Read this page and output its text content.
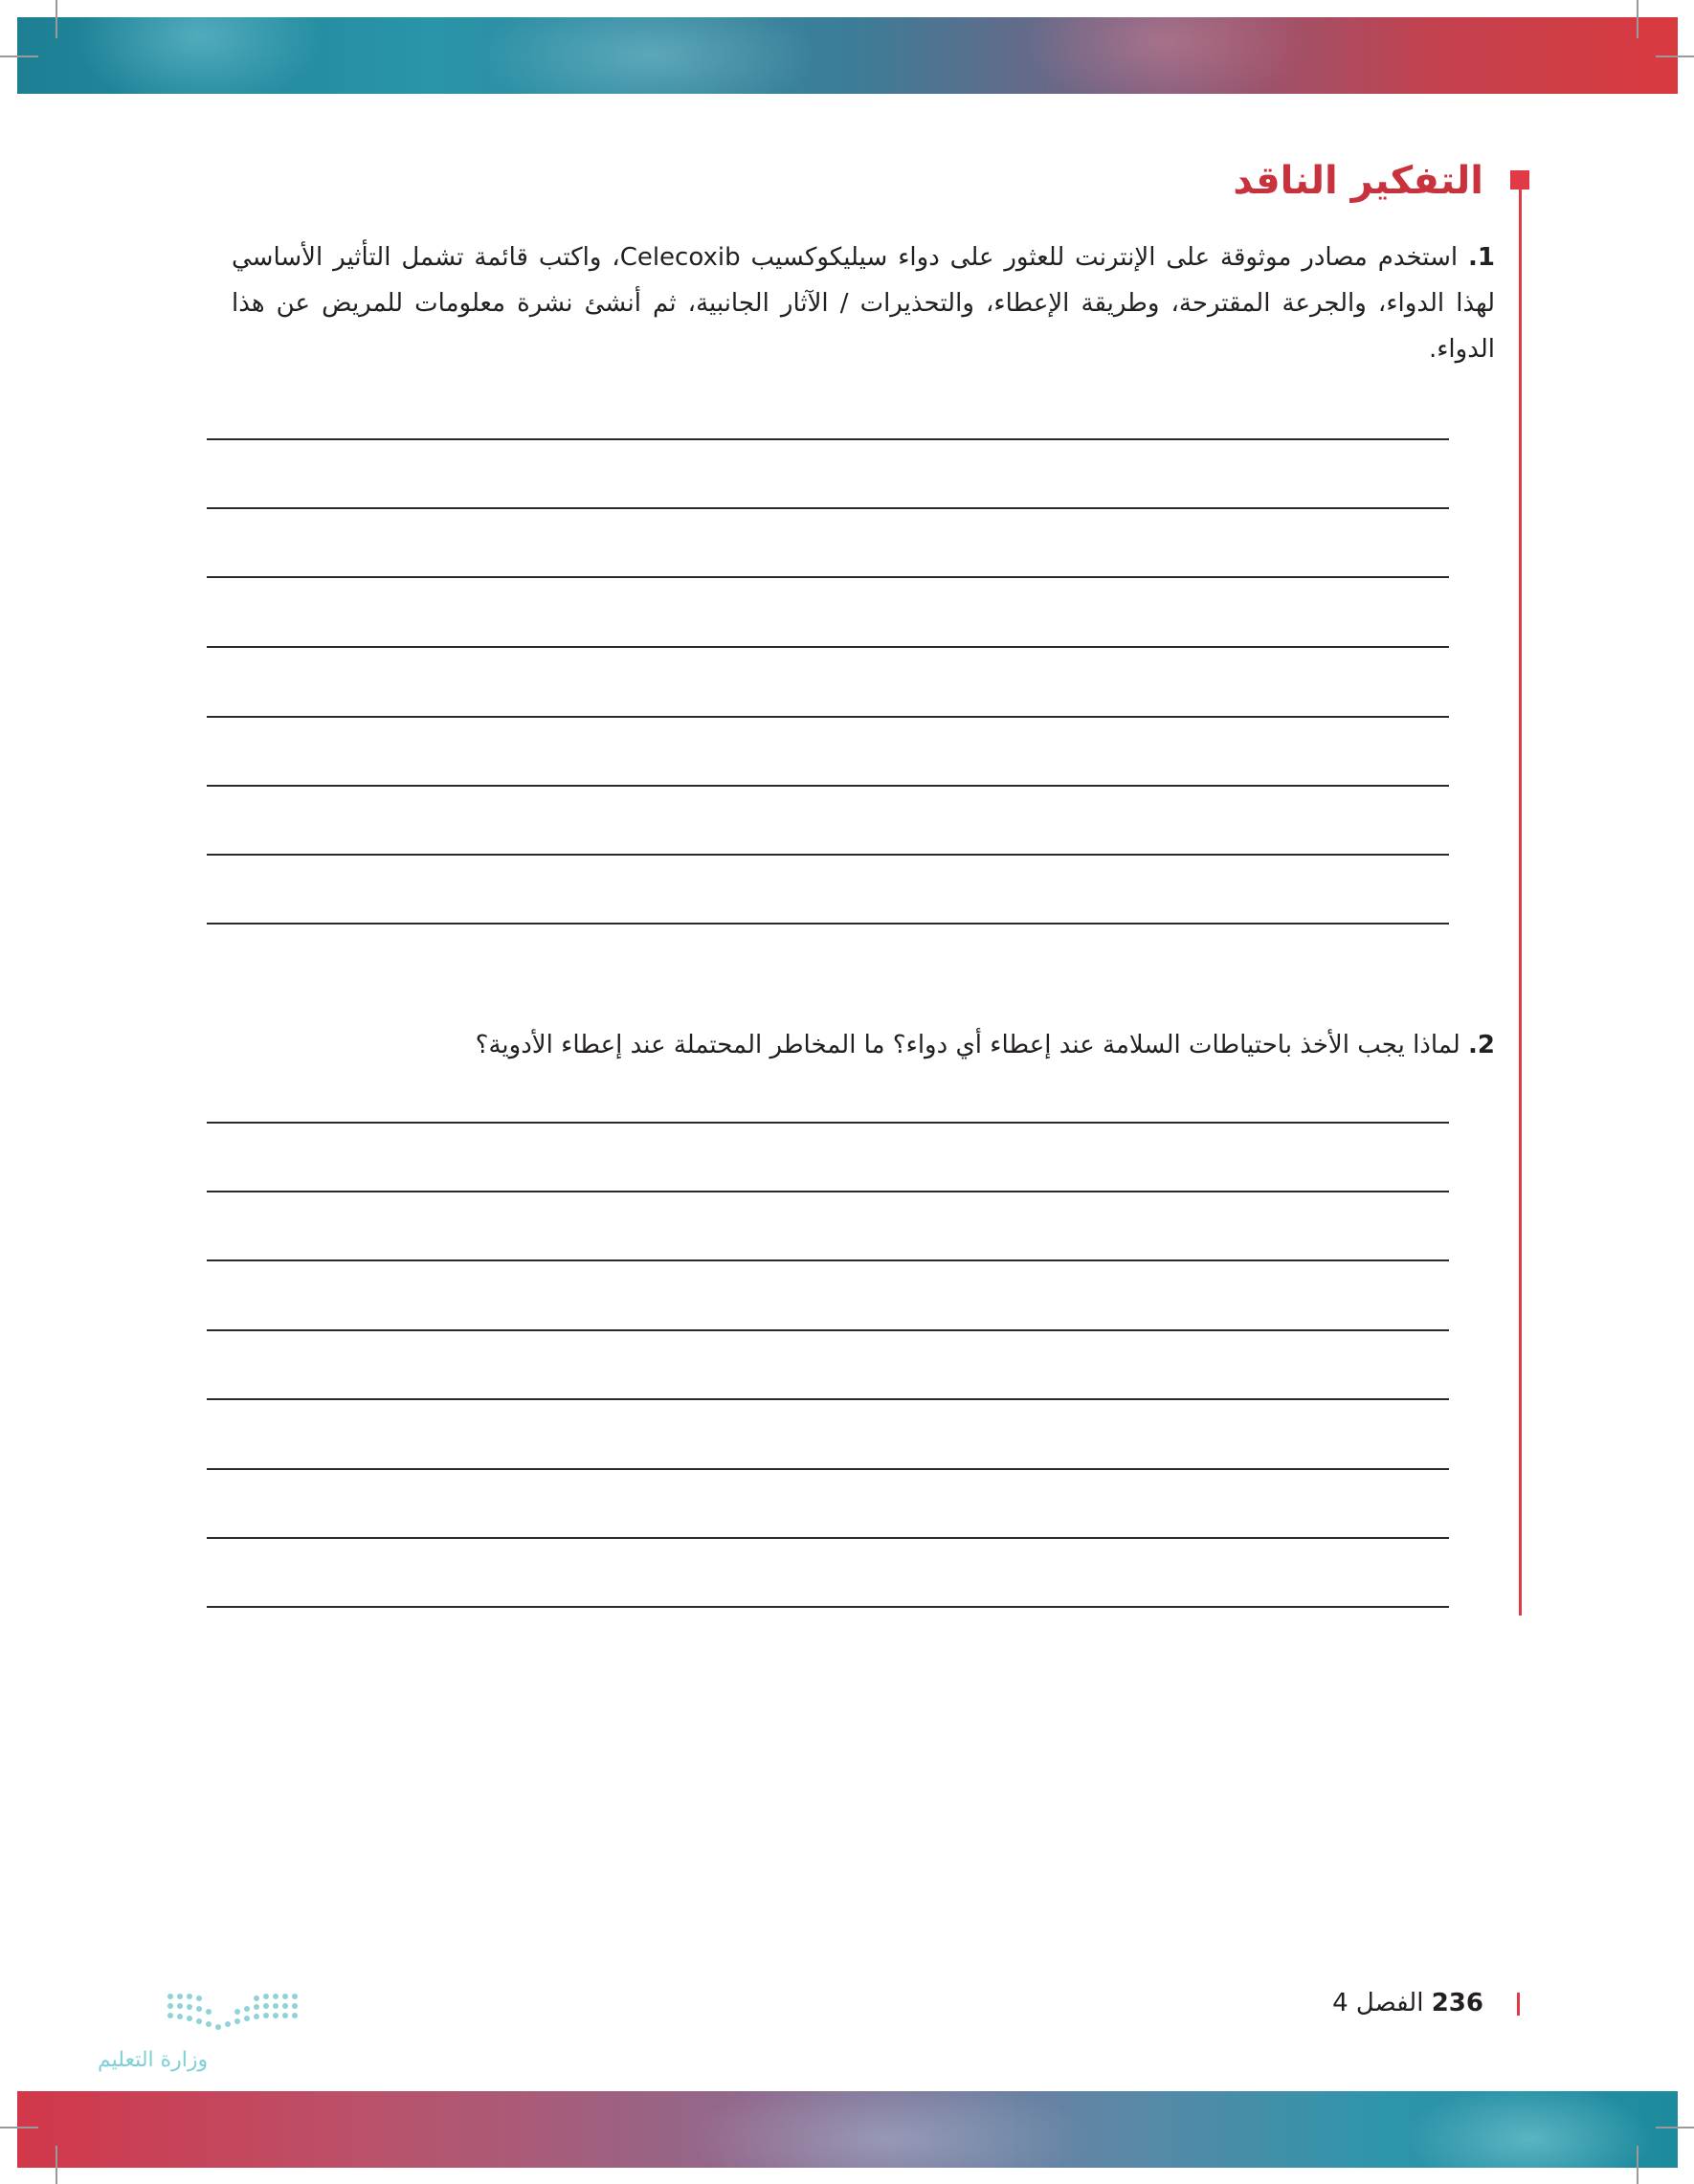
التفكير الناقد
1. استخدم مصادر موثوقة على الإنترنت للعثور على دواء سيليكوكسيب Celecoxib، واكتب قائمة تشمل التأثير الأساسي لهذا الدواء، والجرعة المقترحة، وطريقة الإعطاء، والتحذيرات / الآثار الجانبية، ثم أنشئ نشرة معلومات للمريض عن هذا الدواء.
2. لماذا يجب الأخذ باحتياطات السلامة عند إعطاء أي دواء؟ ما المخاطر المحتملة عند إعطاء الأدوية؟
236 الفصل 4
وزارة التعليم
